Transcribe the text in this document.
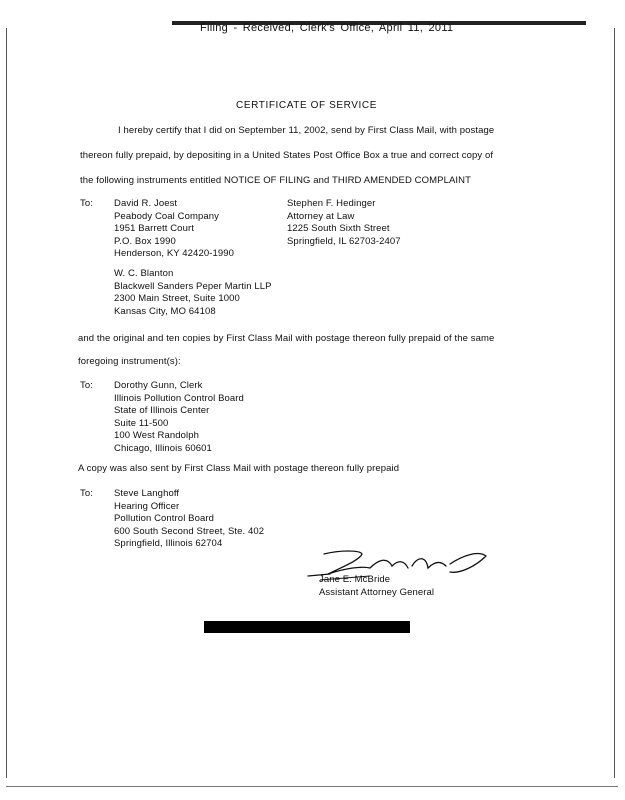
Filing - Received, Clerk's Office, April 11, 2011
CERTIFICATE OF SERVICE
I hereby certify that I did on September 11, 2002, send by First Class Mail, with postage
thereon fully prepaid, by depositing in a United States Post Office Box a true and correct copy of
the following instruments entitled NOTICE OF FILING and THIRD AMENDED COMPLAINT
To: David R. Joest
Peabody Coal Company
1951 Barrett Court
P.O. Box 1990
Henderson, KY 42420-1990
Stephen F. Hedinger
Attorney at Law
1225 South Sixth Street
Springfield, IL 62703-2407
W. C. Blanton
Blackwell Sanders Peper Martin LLP
2300 Main Street, Suite 1000
Kansas City, MO 64108
and the original and ten copies by First Class Mail with postage thereon fully prepaid of the same
foregoing instrument(s):
To: Dorothy Gunn, Clerk
Illinois Pollution Control Board
State of Illinois Center
Suite 11-500
100 West Randolph
Chicago, Illinois 60601
A copy was also sent by First Class Mail with postage thereon fully prepaid
To: Steve Langhoff
Hearing Officer
Pollution Control Board
600 South Second Street, Ste. 402
Springfield, Illinois 62704
Jane E. McBride
Assistant Attorney General
